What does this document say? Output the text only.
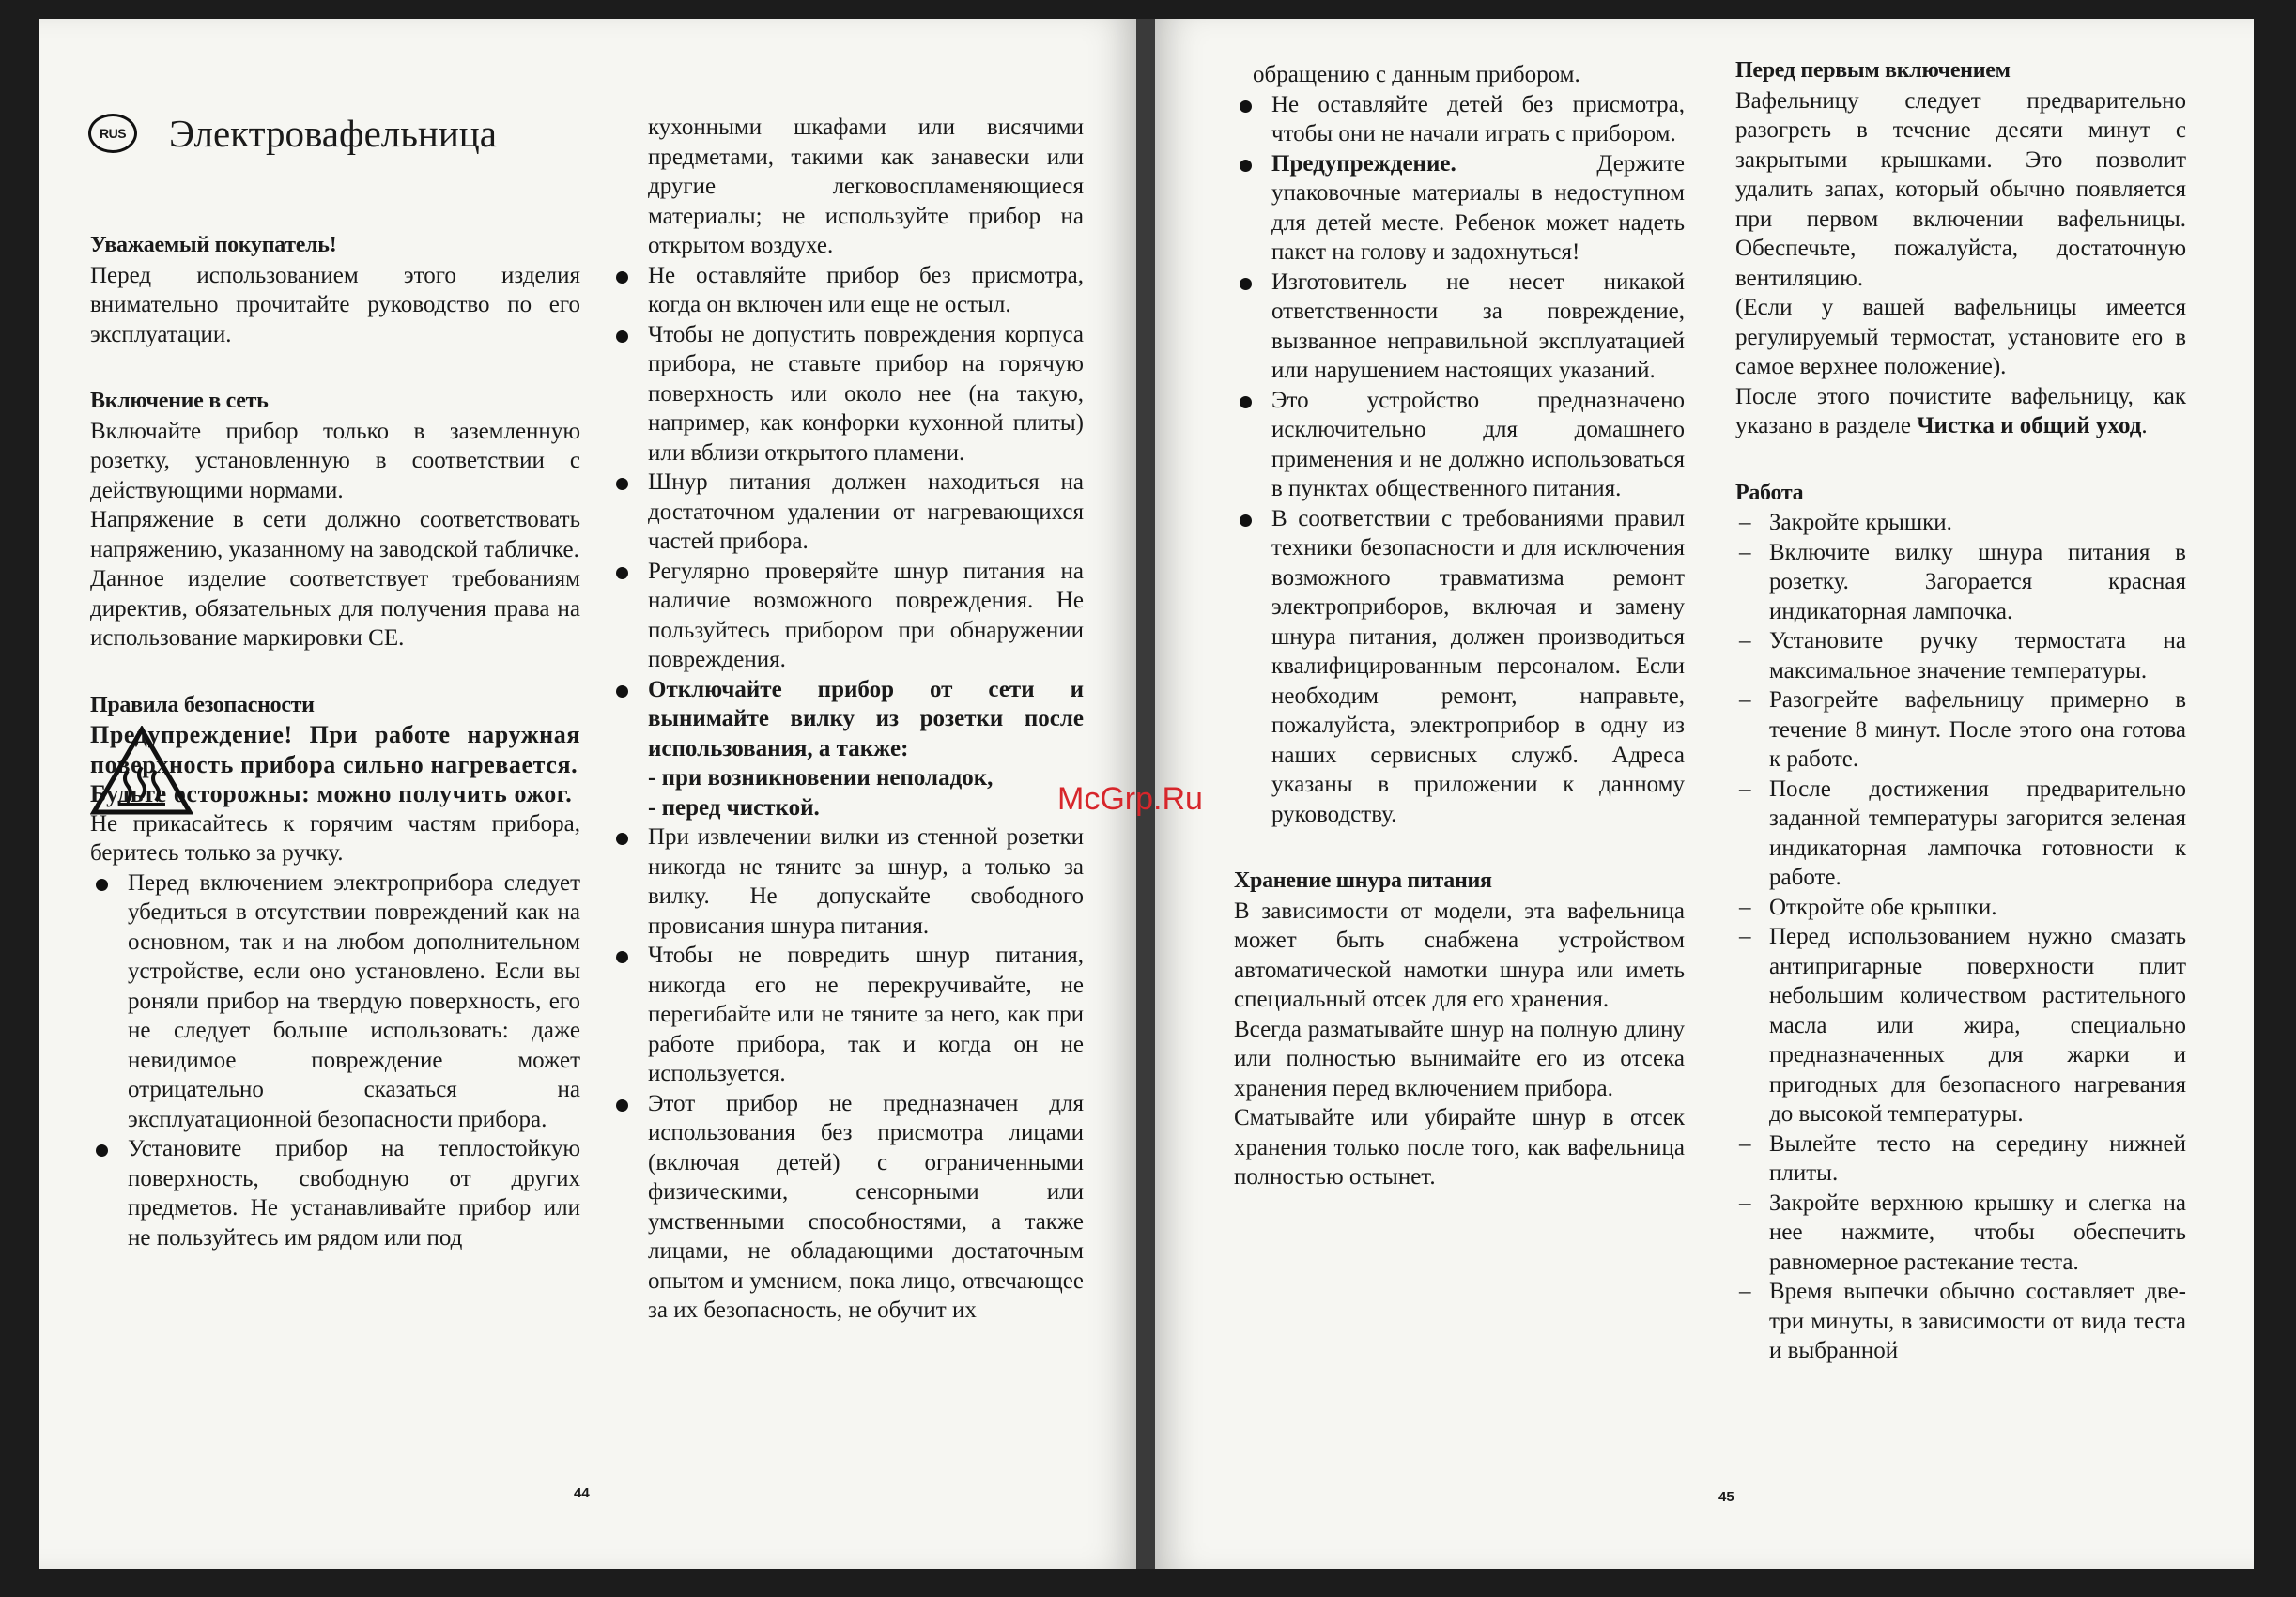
RUS Электровафельница

Уважаемый покупатель!

Перед использованием этого изделия внимательно прочитайте руководство по его эксплуатации.

Включение в сеть

Включайте прибор только в заземленную розетку, установленную в соответствии с действующими нормами.

Напряжение в сети должно соответствовать напряжению, указанному на заводской табличке.

Данное изделие соответствует требованиям директив, обязательных для получения права на использование маркировки CE.

Правила безопасности

Предупреждение! При работе наружная поверхность прибора сильно нагревается.

Будьте осторожны: можно получить ожог.

Не прикасайтесь к горячим частям прибора, беритесь только за ручку.

Перед включением электроприбора следует убедиться в отсутствии повреждений как на основном, так и на любом дополнительном устройстве, если оно установлено. Если вы роняли прибор на твердую поверхность, его не следует больше использовать: даже невидимое повреждение может отрицательно сказаться на эксплуатационной безопасности прибора.
Установите прибор на теплостойкую поверхность, свободную от других предметов. Не устанавливайте прибор или не пользуйтесь им рядом или под

кухонными шкафами или висячими предметами, такими как занавески или другие легковоспламеняющиеся материалы; не используйте прибор на открытом воздухе.

Не оставляйте прибор без присмотра, когда он включен или еще не остыл.
Чтобы не допустить повреждения корпуса прибора, не ставьте прибор на горячую поверхность или около нее (на такую, например, как конфорки кухонной плиты) или вблизи открытого пламени.
Шнур питания должен находиться на достаточном удалении от нагревающихся частей прибора.
Регулярно проверяйте шнур питания на наличие возможного повреждения. Не пользуйтесь прибором при обнаружении повреждения.
Отключайте прибор от сети и вынимайте вилку из розетки после использования, а также:
- при возникновении неполадок,
- перед чисткой.
При извлечении вилки из стенной розетки никогда не тяните за шнур, а только за вилку. Не допускайте свободного провисания шнура питания.
Чтобы не повредить шнур питания, никогда его не перекручивайте, не перегибайте или не тяните за него, как при работе прибора, так и когда он не используется.
Этот прибор не предназначен для использования без присмотра лицами (включая детей) с ограниченными физическими, сенсорными или умственными способностями, а также лицами, не обладающими достаточным опытом и умением, пока лицо, отвечающее за их безопасность, не обучит их
44

обращению с данным прибором.

Не оставляйте детей без присмотра, чтобы они не начали играть с прибором.
Предупреждение.	Держите упаковочные материалы в недоступном для детей месте. Ребенок может надеть пакет на голову и задохнуться!
Изготовитель не несет никакой ответственности за повреждение, вызванное неправильной эксплуатацией или нарушением настоящих указаний.
Это устройство предназначено исключительно для домашнего применения и не должно использоваться в пунктах общественного питания.
В соответствии с требованиями правил техники безопасности и для исключения возможного травматизма ремонт электроприборов, включая и замену шнура питания, должен производиться квалифицированным персоналом. Если необходим ремонт, направьте, пожалуйста, электроприбор в одну из наших сервисных служб. Адреса указаны в приложении к данному руководству.

Хранение шнура питания

В зависимости от модели, эта вафельница может быть снабжена устройством автоматической намотки шнура или иметь специальный отсек для его хранения.

Всегда разматывайте шнур на полную длину или полностью вынимайте его из отсека хранения перед включением прибора.

Сматывайте или убирайте шнур в отсек хранения только после того, как вафельница полностью остынет.

Перед первым включением

Вафельницу следует предварительно разогреть в течение десяти минут с закрытыми крышками. Это позволит удалить запах, который обычно появляется при первом включении вафельницы. Обеспечьте, пожалуйста, достаточную вентиляцию.

(Если у вашей вафельницы имеется регулируемый термостат, установите его в самое верхнее положение).

После этого почистите вафельницу, как указано в разделе Чистка и общий уход.

Работа

– Закройте крышки.
– Включите вилку шнура питания в розетку. Загорается красная индикаторная лампочка.
– Установите ручку термостата на максимальное значение температуры.
– Разогрейте вафельницу примерно в течение 8 минут. После этого она готова к работе.
– После достижения предварительно заданной температуры загорится зеленая индикаторная лампочка готовности к работе.
– Откройте обе крышки.
– Перед использованием нужно смазать антипригарные поверхности плит небольшим количеством растительного масла или жира, специально предназначенных для жарки и пригодных для безопасного нагревания до высокой температуры.
– Вылейте тесто на середину нижней плиты.
– Закройте верхнюю крышку и слегка на нее нажмите, чтобы обеспечить равномерное растекание теста.
– Время выпечки обычно составляет две-три минуты, в зависимости от вида теста и выбранной
45
McGrp.Ru
